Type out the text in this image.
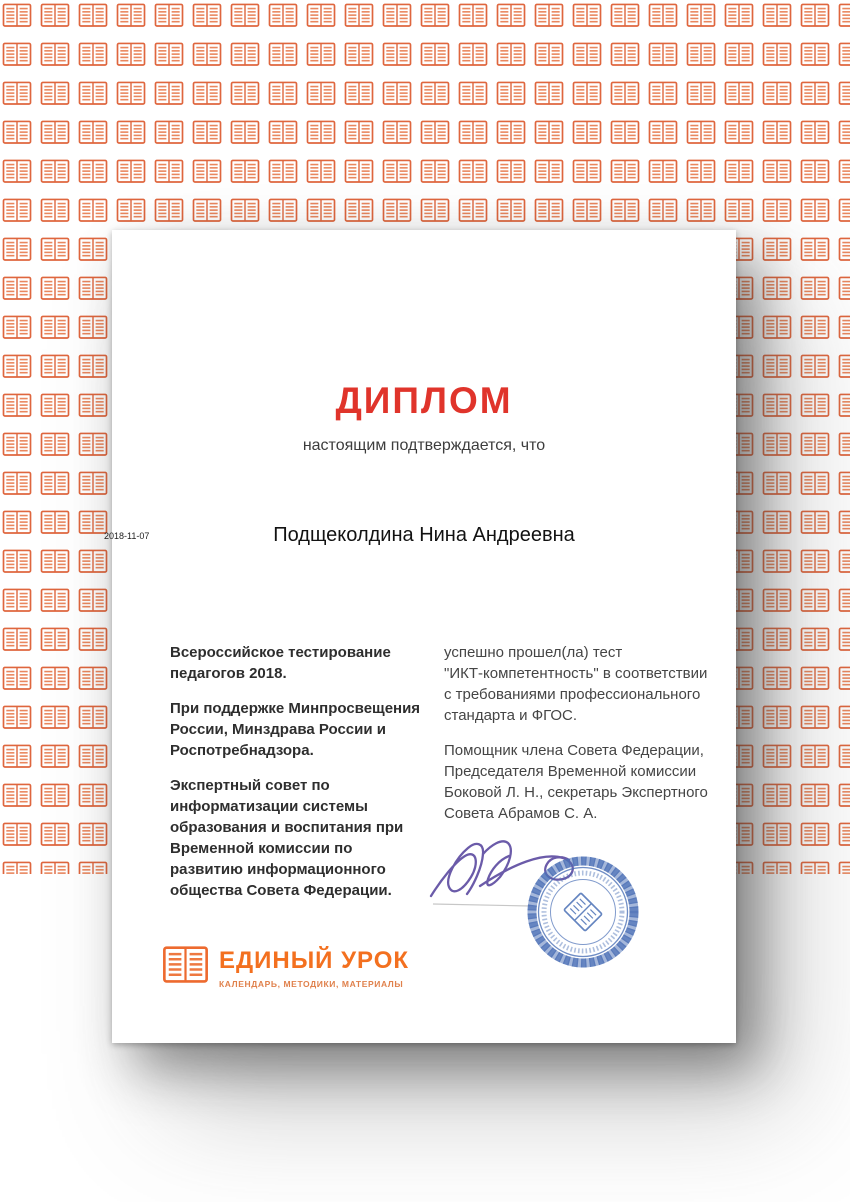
2018-11-07
ДИПЛОМ
настоящим подтверждается, что
Подщеколдина Нина Андреевна

Всероссийское тестирование педагогов 2018.

При поддержке Минпросвещения России, Минздрава России и Роспотребнадзора.

Экспертный совет по информатизации системы образования и воспитания при Временной комиссии по развитию информационного общества Совета Федерации.

успешно прошел(ла) тест "ИКТ‑компетентность" в соответствии с требованиями профессионального стандарта и ФГОС.

Помощник члена Совета Федерации, Председателя Временной комиссии Боковой Л. Н., секретарь Экспертного Совета Абрамов С. А.

ЕДИНЫЙ УРОК
КАЛЕНДАРЬ, МЕТОДИКИ, МАТЕРИАЛЫ
